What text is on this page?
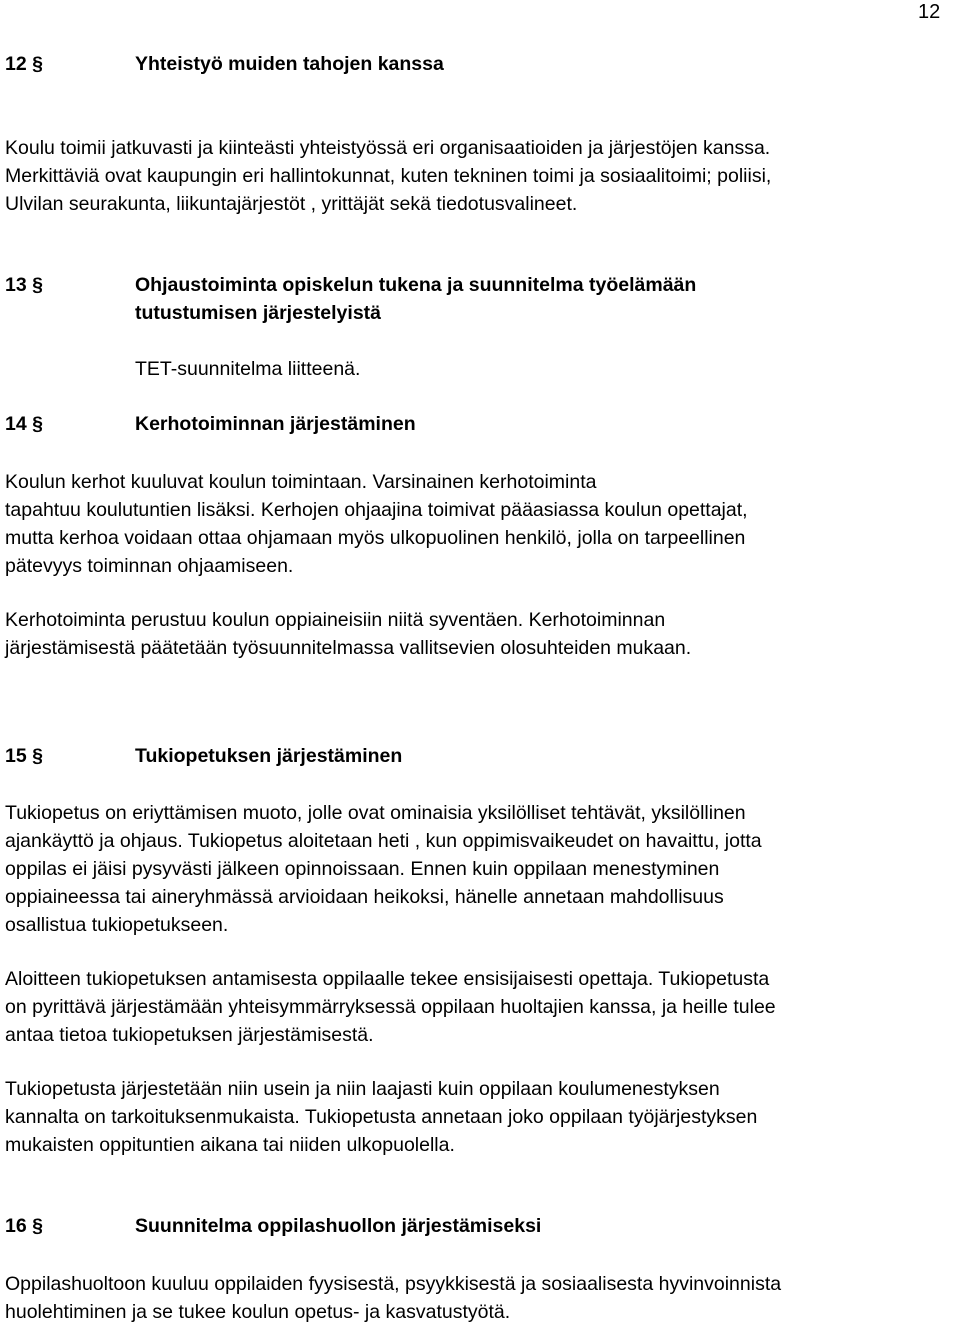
12
12 §	Yhteistyö muiden tahojen kanssa
Koulu toimii jatkuvasti ja kiinteästi yhteistyössä eri organisaatioiden ja järjestöjen kanssa.
Merkittäviä ovat kaupungin eri hallintokunnat, kuten tekninen toimi ja sosiaalitoimi; poliisi,
Ulvilan seurakunta, liikuntajärjestöt , yrittäjät sekä tiedotusvalineet.
13 §	Ohjaustoiminta opiskelun tukena ja suunnitelma työelämään
tutustumisen järjestelyistä
TET-suunnitelma liitteenä.
14 §	Kerhotoiminnan järjestäminen
Koulun kerhot kuuluvat koulun toimintaan. Varsinainen kerhotoiminta
tapahtuu koulutuntien lisäksi. Kerhojen ohjaajina toimivat pääasiassa koulun opettajat,
mutta kerhoa voidaan ottaa ohjamaan myös ulkopuolinen henkilö, jolla on tarpeellinen
pätevyys toiminnan ohjaamiseen.
Kerhotoiminta perustuu koulun oppiaineisiin niitä syventäen. Kerhotoiminnan
järjestämisestä päätetään työsuunnitelmassa vallitsevien olosuhteiden mukaan.
15 §	Tukiopetuksen järjestäminen
Tukiopetus on eriyttämisen muoto, jolle ovat ominaisia yksilölliset tehtävät, yksilöllinen
ajankäyttö ja ohjaus. Tukiopetus aloitetaan heti , kun oppimisvaikeudet on havaittu, jotta
oppilas ei jäisi pysyvästi jälkeen opinnoissaan. Ennen kuin oppilaan menestyminen
oppiaineessa tai aineryhmässä arvioidaan heikoksi, hänelle annetaan mahdollisuus
osallistua tukiopetukseen.
Aloitteen tukiopetuksen antamisesta oppilaalle tekee ensisijaisesti opettaja. Tukiopetusta
on pyrittävä järjestämään yhteisymmärryksessä oppilaan huoltajien kanssa, ja heille tulee
antaa tietoa tukiopetuksen järjestämisestä.
Tukiopetusta järjestetään niin usein ja niin laajasti kuin oppilaan koulumenestyksen
kannalta on tarkoituksenmukaista. Tukiopetusta annetaan joko oppilaan työjärjestyksen
mukaisten oppituntien aikana tai niiden ulkopuolella.
16 §	Suunnitelma oppilashuollon järjestämiseksi
Oppilashuoltoon kuuluu oppilaiden fyysisestä, psyykkisestä ja sosiaalisesta hyvinvoinnista
huolehtiminen ja se tukee koulun opetus- ja kasvatustyötä.
